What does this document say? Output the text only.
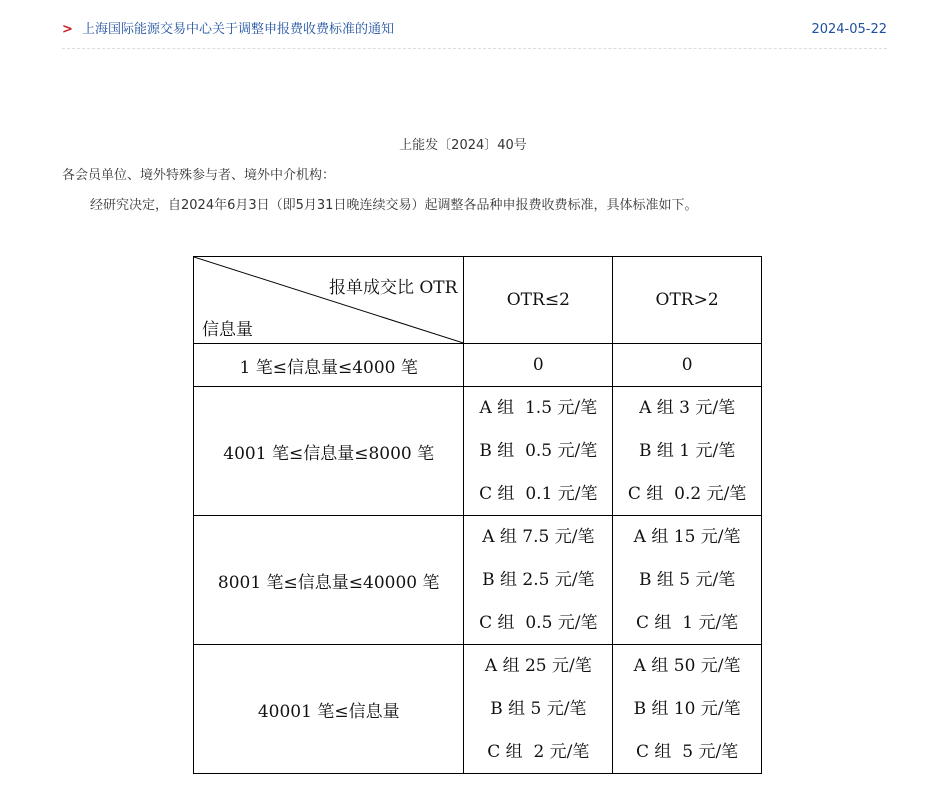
> 上海国际能源交易中心关于调整申报费收费标准的通知	2024-05-22
上能发〔2024〕40号
各会员单位、境外特殊参与者、境外中介机构：
经研究决定，自2024年6月3日（即5月31日晚连续交易）起调整各品种申报费收费标准，具体标准如下。
报单成交比 OTR
信息量	OTR≤2	OTR>2
1 笔≤信息量≤4000 笔	0	0
4001 笔≤信息量≤8000 笔	A 组  1.5 元/笔
B 组  0.5 元/笔
C 组  0.1 元/笔	A 组 3 元/笔
B 组 1 元/笔
C 组  0.2 元/笔

8001 笔≤信息量≤40000 笔	A 组 7.5 元/笔
B 组 2.5 元/笔
C 组  0.5 元/笔	A 组 15 元/笔
B 组 5 元/笔
C 组  1 元/笔

40001 笔≤信息量	A 组 25 元/笔
B 组 5 元/笔
C 组  2 元/笔	A 组 50 元/笔
B 组 10 元/笔
C 组  5 元/笔
